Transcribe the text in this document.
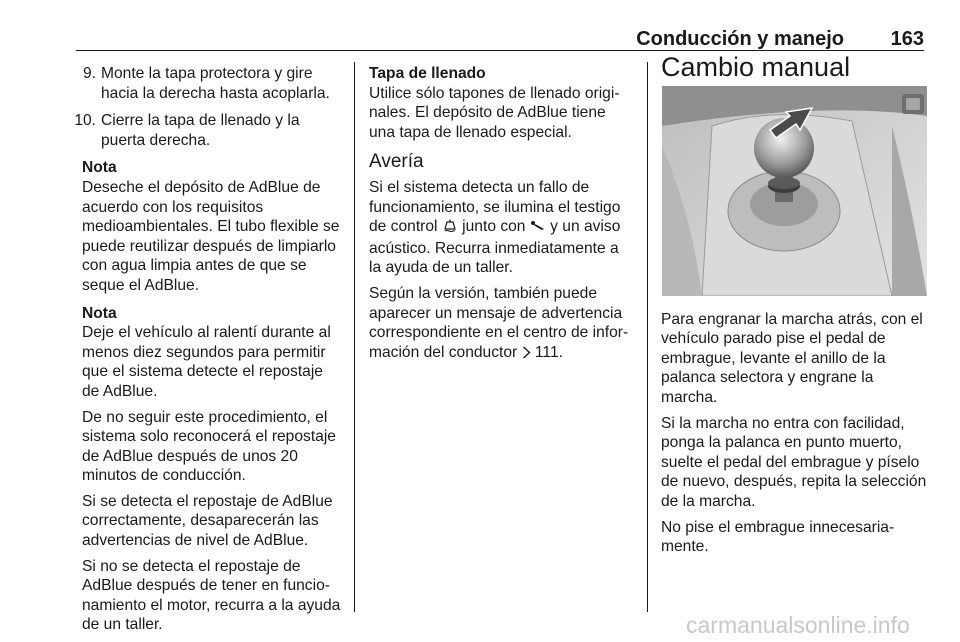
Conducción y manejo 163
9. Monte la tapa protectora y gire hacia la derecha hasta acoplarla.
10. Cierre la tapa de llenado y la puerta derecha.
Nota
Deseche el depósito de AdBlue de acuerdo con los requisitos medioambientales. El tubo flexible se puede reutilizar después de limpiarlo con agua limpia antes de que se seque el AdBlue.
Nota
Deje el vehículo al ralentí durante al menos diez segundos para permitir que el sistema detecte el repostaje de AdBlue.

De no seguir este procedimiento, el sistema solo reconocerá el repostaje de AdBlue después de unos 20 minutos de conducción.

Si se detecta el repostaje de AdBlue correctamente, desaparecerán las advertencias de nivel de AdBlue.

Si no se detecta el repostaje de AdBlue después de tener en funcionamiento el motor, recurra a la ayuda de un taller.

Tapa de llenado

Utilice sólo tapones de llenado originales. El depósito de AdBlue tiene una tapa de llenado especial.

Avería

Si el sistema detecta un fallo de funcionamiento, se ilumina el testigo de control junto con y un aviso acústico. Recurra inmediatamente a la ayuda de un taller.

Según la versión, también puede aparecer un mensaje de advertencia correspondiente en el centro de información del conductor 111.

Cambio manual

Para engranar la marcha atrás, con el vehículo parado pise el pedal de embrague, levante el anillo de la palanca selectora y engrane la marcha.

Si la marcha no entra con facilidad, ponga la palanca en punto muerto, suelte el pedal del embrague y píselo de nuevo, después, repita la selección de la marcha.

No pise el embrague innecesariamente.

carmanualsonline.info
